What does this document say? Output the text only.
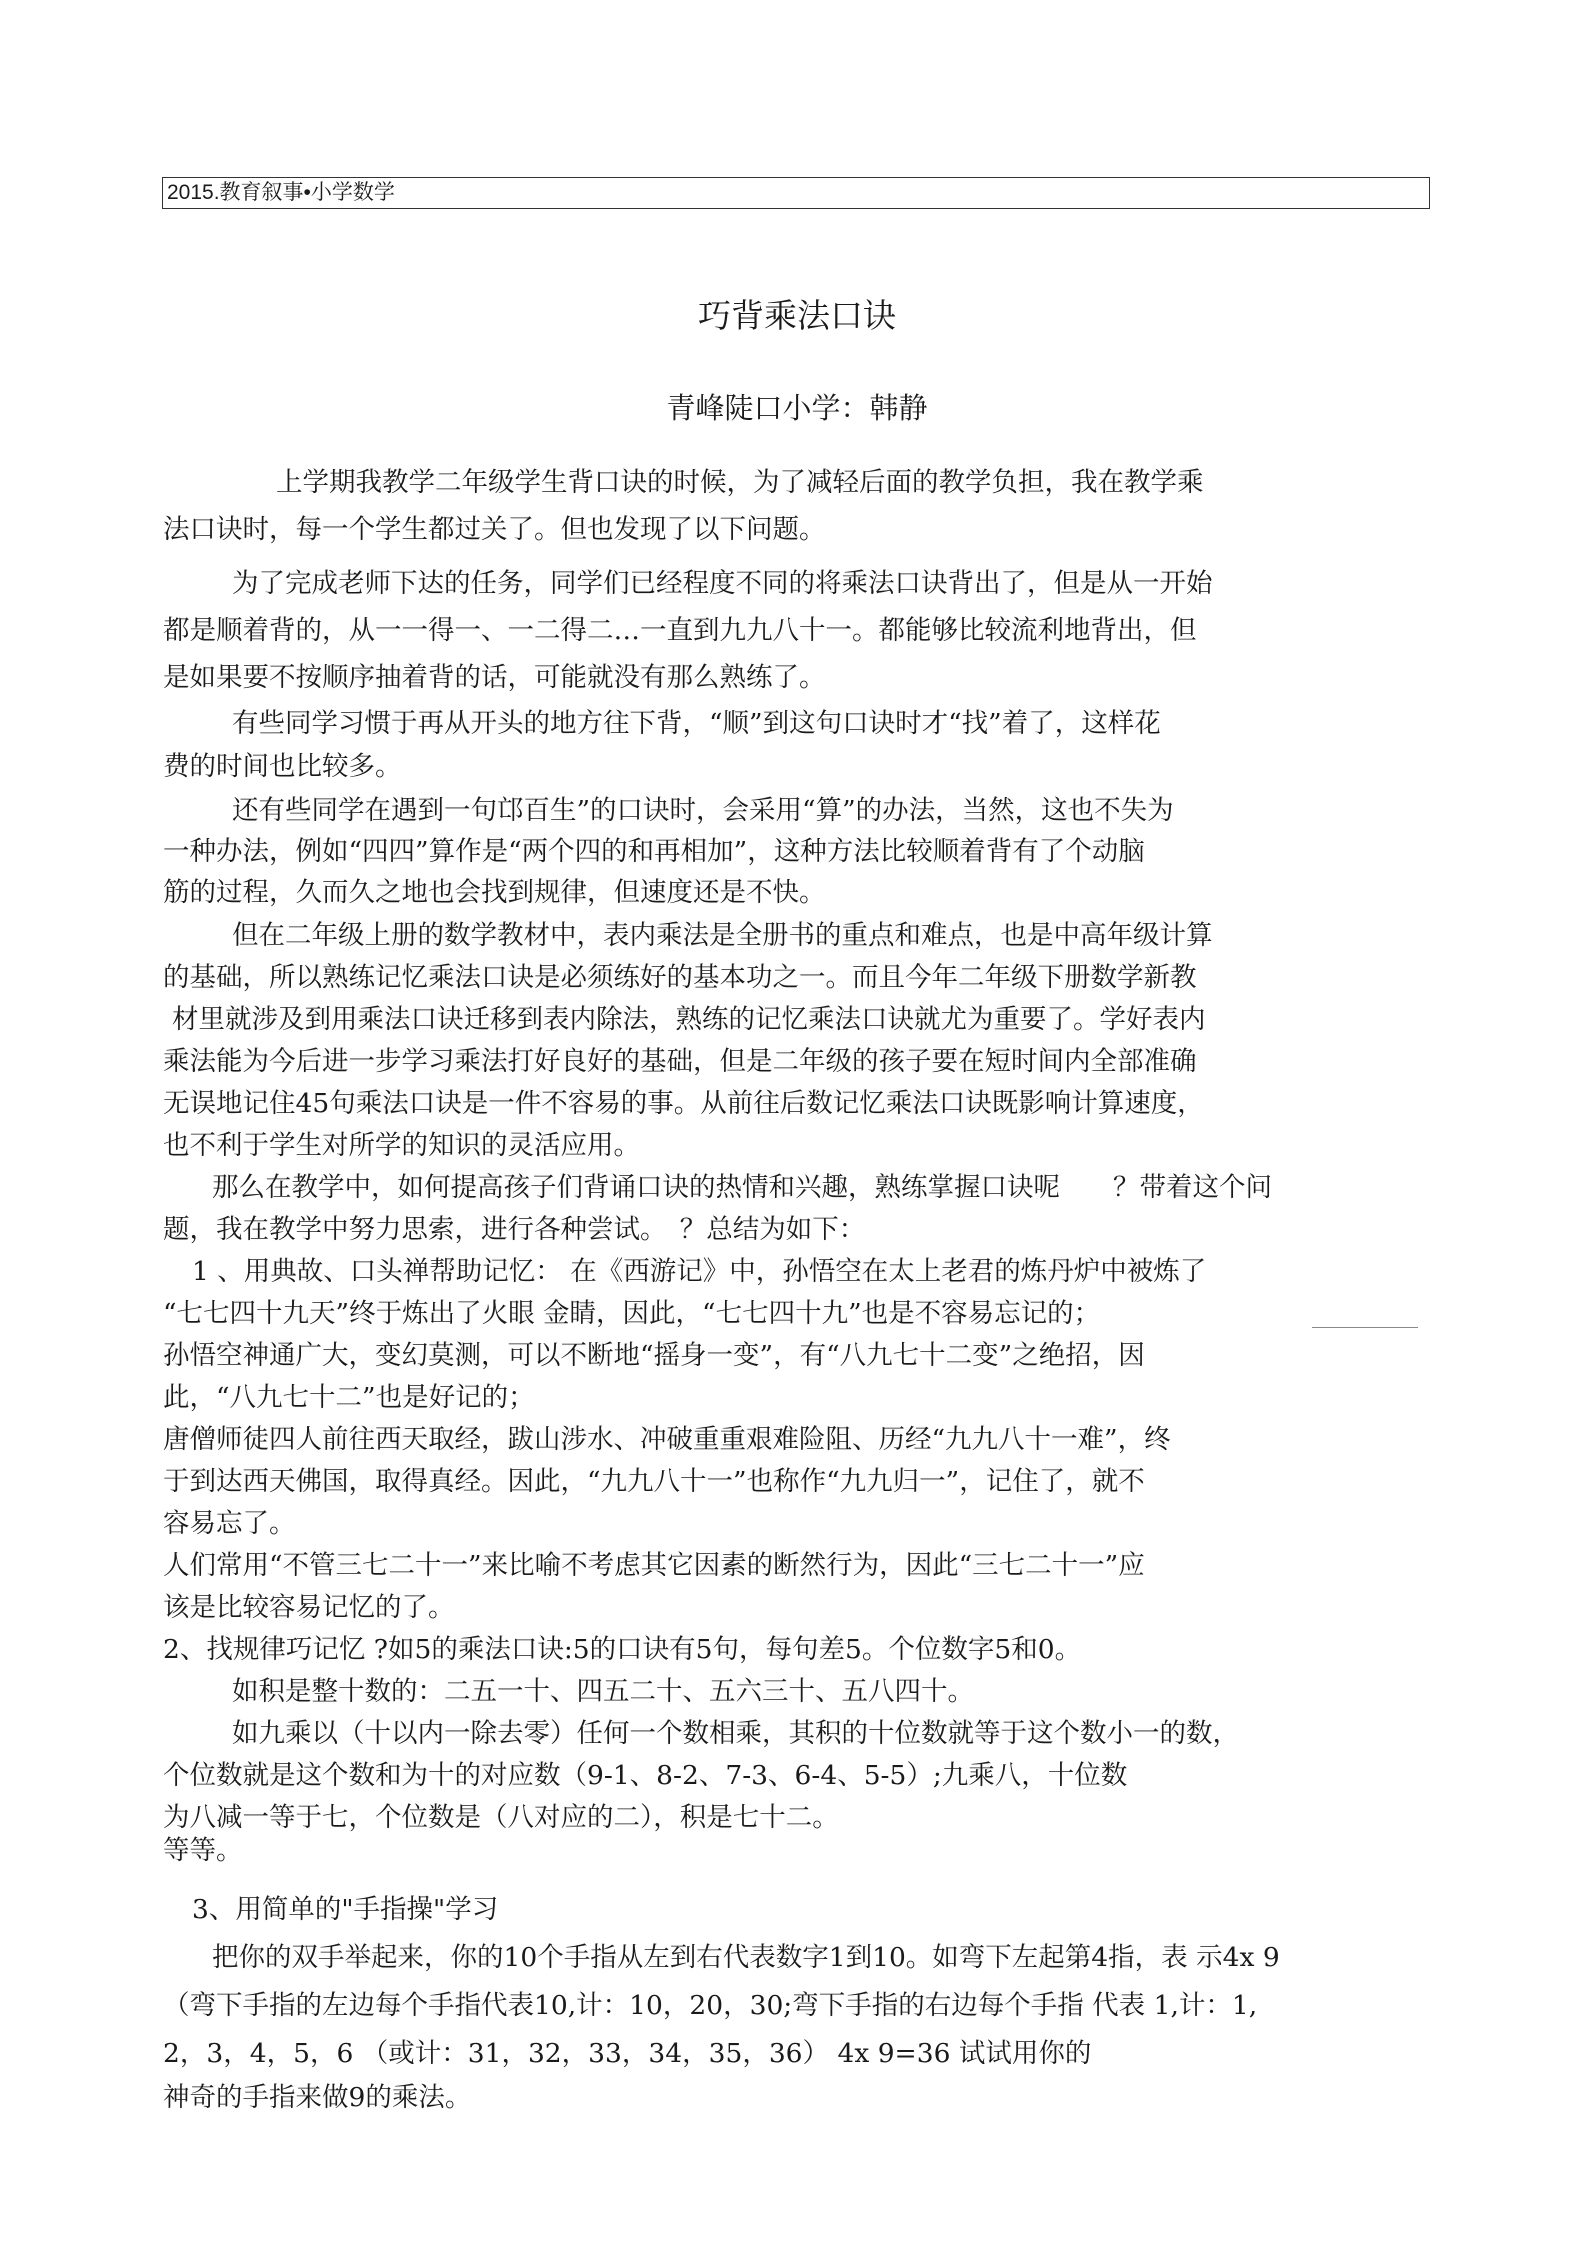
2015.教育叙事•小学数学
巧背乘法口诀
青峰陡口小学：韩静
上学期我教学二年级学生背口诀的时候，为了减轻后面的教学负担，我在教学乘
法口诀时，每一个学生都过关了。但也发现了以下问题。
为了完成老师下达的任务，同学们已经程度不同的将乘法口诀背出了，但是从一开始
都是顺着背的，从一一得一、一二得二…一直到九九八十一。都能够比较流利地背出，但
是如果要不按顺序抽着背的话，可能就没有那么熟练了。
有些同学习惯于再从开头的地方往下背，“顺”到这句口诀时才“找”着了，这样花
费的时间也比较多。
还有些同学在遇到一句邙百生”的口诀时，会采用“算”的办法，当然，这也不失为
一种办法，例如“四四”算作是“两个四的和再相加”，这种方法比较顺着背有了个动脑
筋的过程，久而久之地也会找到规律，但速度还是不快。
但在二年级上册的数学教材中，表内乘法是全册书的重点和难点，也是中高年级计算
的基础，所以熟练记忆乘法口诀是必须练好的基本功之一。而且今年二年级下册数学新教
材里就涉及到用乘法口诀迁移到表内除法，熟练的记忆乘法口诀就尤为重要了。学好表内
乘法能为今后进一步学习乘法打好良好的基础，但是二年级的孩子要在短时间内全部准确
无误地记住45句乘法口诀是一件不容易的事。从前往后数记忆乘法口诀既影响计算速度，
也不利于学生对所学的知识的灵活应用。
那么在教学中，如何提高孩子们背诵口诀的热情和兴趣，熟练掌握口诀呢　　？带着这个问
题，我在教学中努力思索，进行各种尝试。　？总结为如下：
1 、用典故、口头禅帮助记忆： 在《西游记》中，孙悟空在太上老君的炼丹炉中被炼了
“七七四十九天”终于炼出了火眼 金睛，因此，“七七四十九”也是不容易忘记的；
孙悟空神通广大，变幻莫测，可以不断地“摇身一变”，有“八九七十二变”之绝招，因
此，“八九七十二”也是好记的；
唐僧师徒四人前往西天取经，跋山涉水、冲破重重艰难险阻、历经“九九八十一难”，终
于到达西天佛国，取得真经。因此，“九九八十一”也称作“九九归一”，记住了，就不
容易忘了。
人们常用“不管三七二十一”来比喻不考虑其它因素的断然行为，因此“三七二十一”应
该是比较容易记忆的了。
2、找规律巧记忆 ?如5的乘法口诀:5的口诀有5句，每句差5。个位数字5和0。
如积是整十数的：二五一十、四五二十、五六三十、五八四十。
如九乘以（十以内一除去零）任何一个数相乘，其积的十位数就等于这个数小一的数，
个位数就是这个数和为十的对应数（9-1、8-2、7-3、6-4、5-5）;九乘八，十位数
为八减一等于七，个位数是（八对应的二），积是七十二。
等等。
3、用简单的"手指操"学习
把你的双手举起来，你的10个手指从左到右代表数字1到10。如弯下左起第4指，表 示4x 9
（弯下手指的左边每个手指代表10,计：10，20，30;弯下手指的右边每个手指 代表 1,计：1,
2，3，4，5，6 （或计：31，32，33，34，35，36） 4x 9=36 试试用你的
神奇的手指来做9的乘法。
